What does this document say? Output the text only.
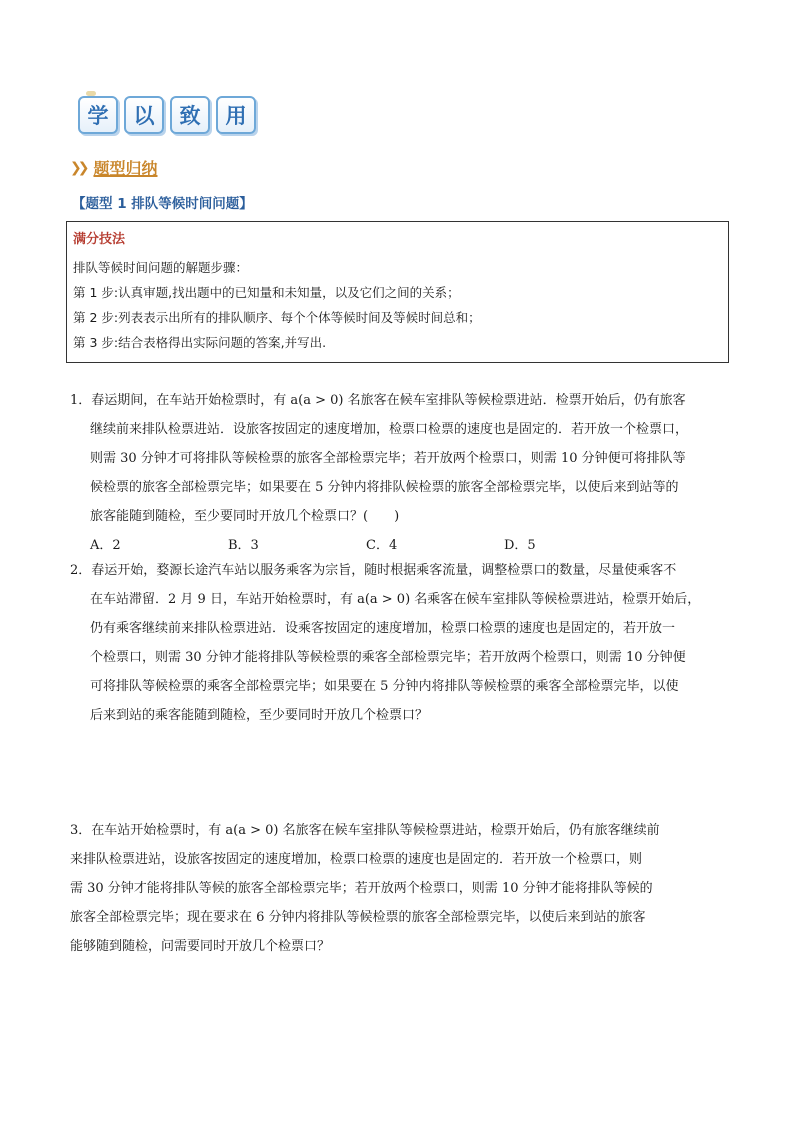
学 以 致 用
❯❯ 题型归纳
【题型 1 排队等候时间问题】
满分技法
排队等候时间问题的解题步骤：
第 1 步:认真审题,找出题中的已知量和未知量，以及它们之间的关系；
第 2 步:列表表示出所有的排队顺序、每个个体等候时间及等候时间总和；
第 3 步:结合表格得出实际问题的答案,并写出.

1．春运期间，在车站开始检票时，有 a(a > 0) 名旅客在候车室排队等候检票进站．检票开始后，仍有旅客

继续前来排队检票进站．设旅客按固定的速度增加，检票口检票的速度也是固定的．若开放一个检票口，

则需 30 分钟才可将排队等候检票的旅客全部检票完毕；若开放两个检票口，则需 10 分钟便可将排队等

候检票的旅客全部检票完毕；如果要在 5 分钟内将排队候检票的旅客全部检票完毕，以使后来到站等的

旅客能随到随检，至少要同时开放几个检票口？(　　)

A．2	B．3	C．4	D．5

2．春运开始，婺源长途汽车站以服务乘客为宗旨，随时根据乘客流量，调整检票口的数量，尽量使乘客不

在车站滞留．2 月 9 日，车站开始检票时，有 a(a > 0) 名乘客在候车室排队等候检票进站，检票开始后，

仍有乘客继续前来排队检票进站．设乘客按固定的速度增加，检票口检票的速度也是固定的，若开放一

个检票口，则需 30 分钟才能将排队等候检票的乘客全部检票完毕；若开放两个检票口，则需 10 分钟便

可将排队等候检票的乘客全部检票完毕；如果要在 5 分钟内将排队等候检票的乘客全部检票完毕，以使

后来到站的乘客能随到随检，至少要同时开放几个检票口？

3．在车站开始检票时，有 a(a > 0) 名旅客在候车室排队等候检票进站，检票开始后，仍有旅客继续前

来排队检票进站，设旅客按固定的速度增加，检票口检票的速度也是固定的．若开放一个检票口，则

需 30 分钟才能将排队等候的旅客全部检票完毕；若开放两个检票口，则需 10 分钟才能将排队等候的

旅客全部检票完毕；现在要求在 6 分钟内将排队等候检票的旅客全部检票完毕，以使后来到站的旅客

能够随到随检，问需要同时开放几个检票口？
